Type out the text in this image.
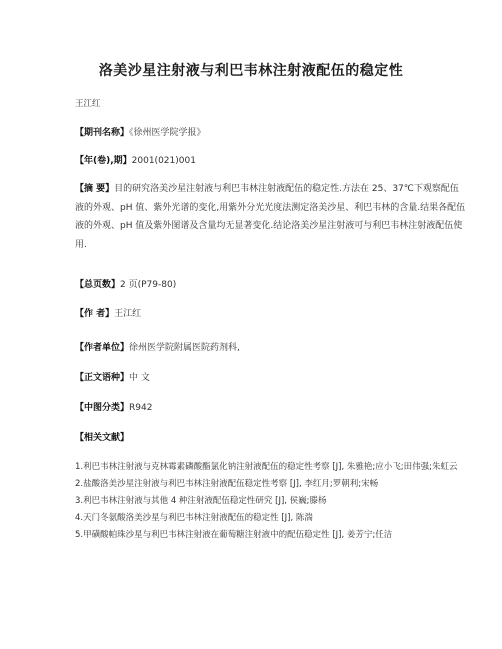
洛美沙星注射液与利巴韦林注射液配伍的稳定性
王江红
【期刊名称】《徐州医学院学报》
【年(卷),期】2001(021)001
【摘 要】目的研究洛美沙星注射液与利巴韦林注射液配伍的稳定性.方法在 25、37℃下观察配伍液的外观、pH 值、紫外光谱的变化,用紫外分光光度法测定洛美沙星、利巴韦林的含量.结果各配伍液的外观、pH 值及紫外图谱及含量均无显著变化.结论洛美沙星注射液可与利巴韦林注射液配伍使用.
【总页数】2 页(P79-80)
【作 者】王江红
【作者单位】徐州医学院附属医院药剂科,
【正文语种】中 文
【中图分类】R942
【相关文献】

1.利巴韦林注射液与克林霉素磷酸酯氯化钠注射液配伍的稳定性考察 [J], 朱雅艳;应小飞;田伟强;朱虹云

2.盐酸洛美沙星注射液与利巴韦林注射液配伍稳定性考察 [J], 李红月;罗朝利;宋畅

3.利巴韦林注射液与其他 4 种注射液配伍稳定性研究 [J], 侯巍;滕杨

4.天门冬氨酸洛美沙星与利巴韦林注射液配伍的稳定性 [J], 陈湍

5.甲磺酸帕珠沙星与利巴韦林注射液在葡萄糖注射液中的配伍稳定性 [J], 姜芳宁;任洁
